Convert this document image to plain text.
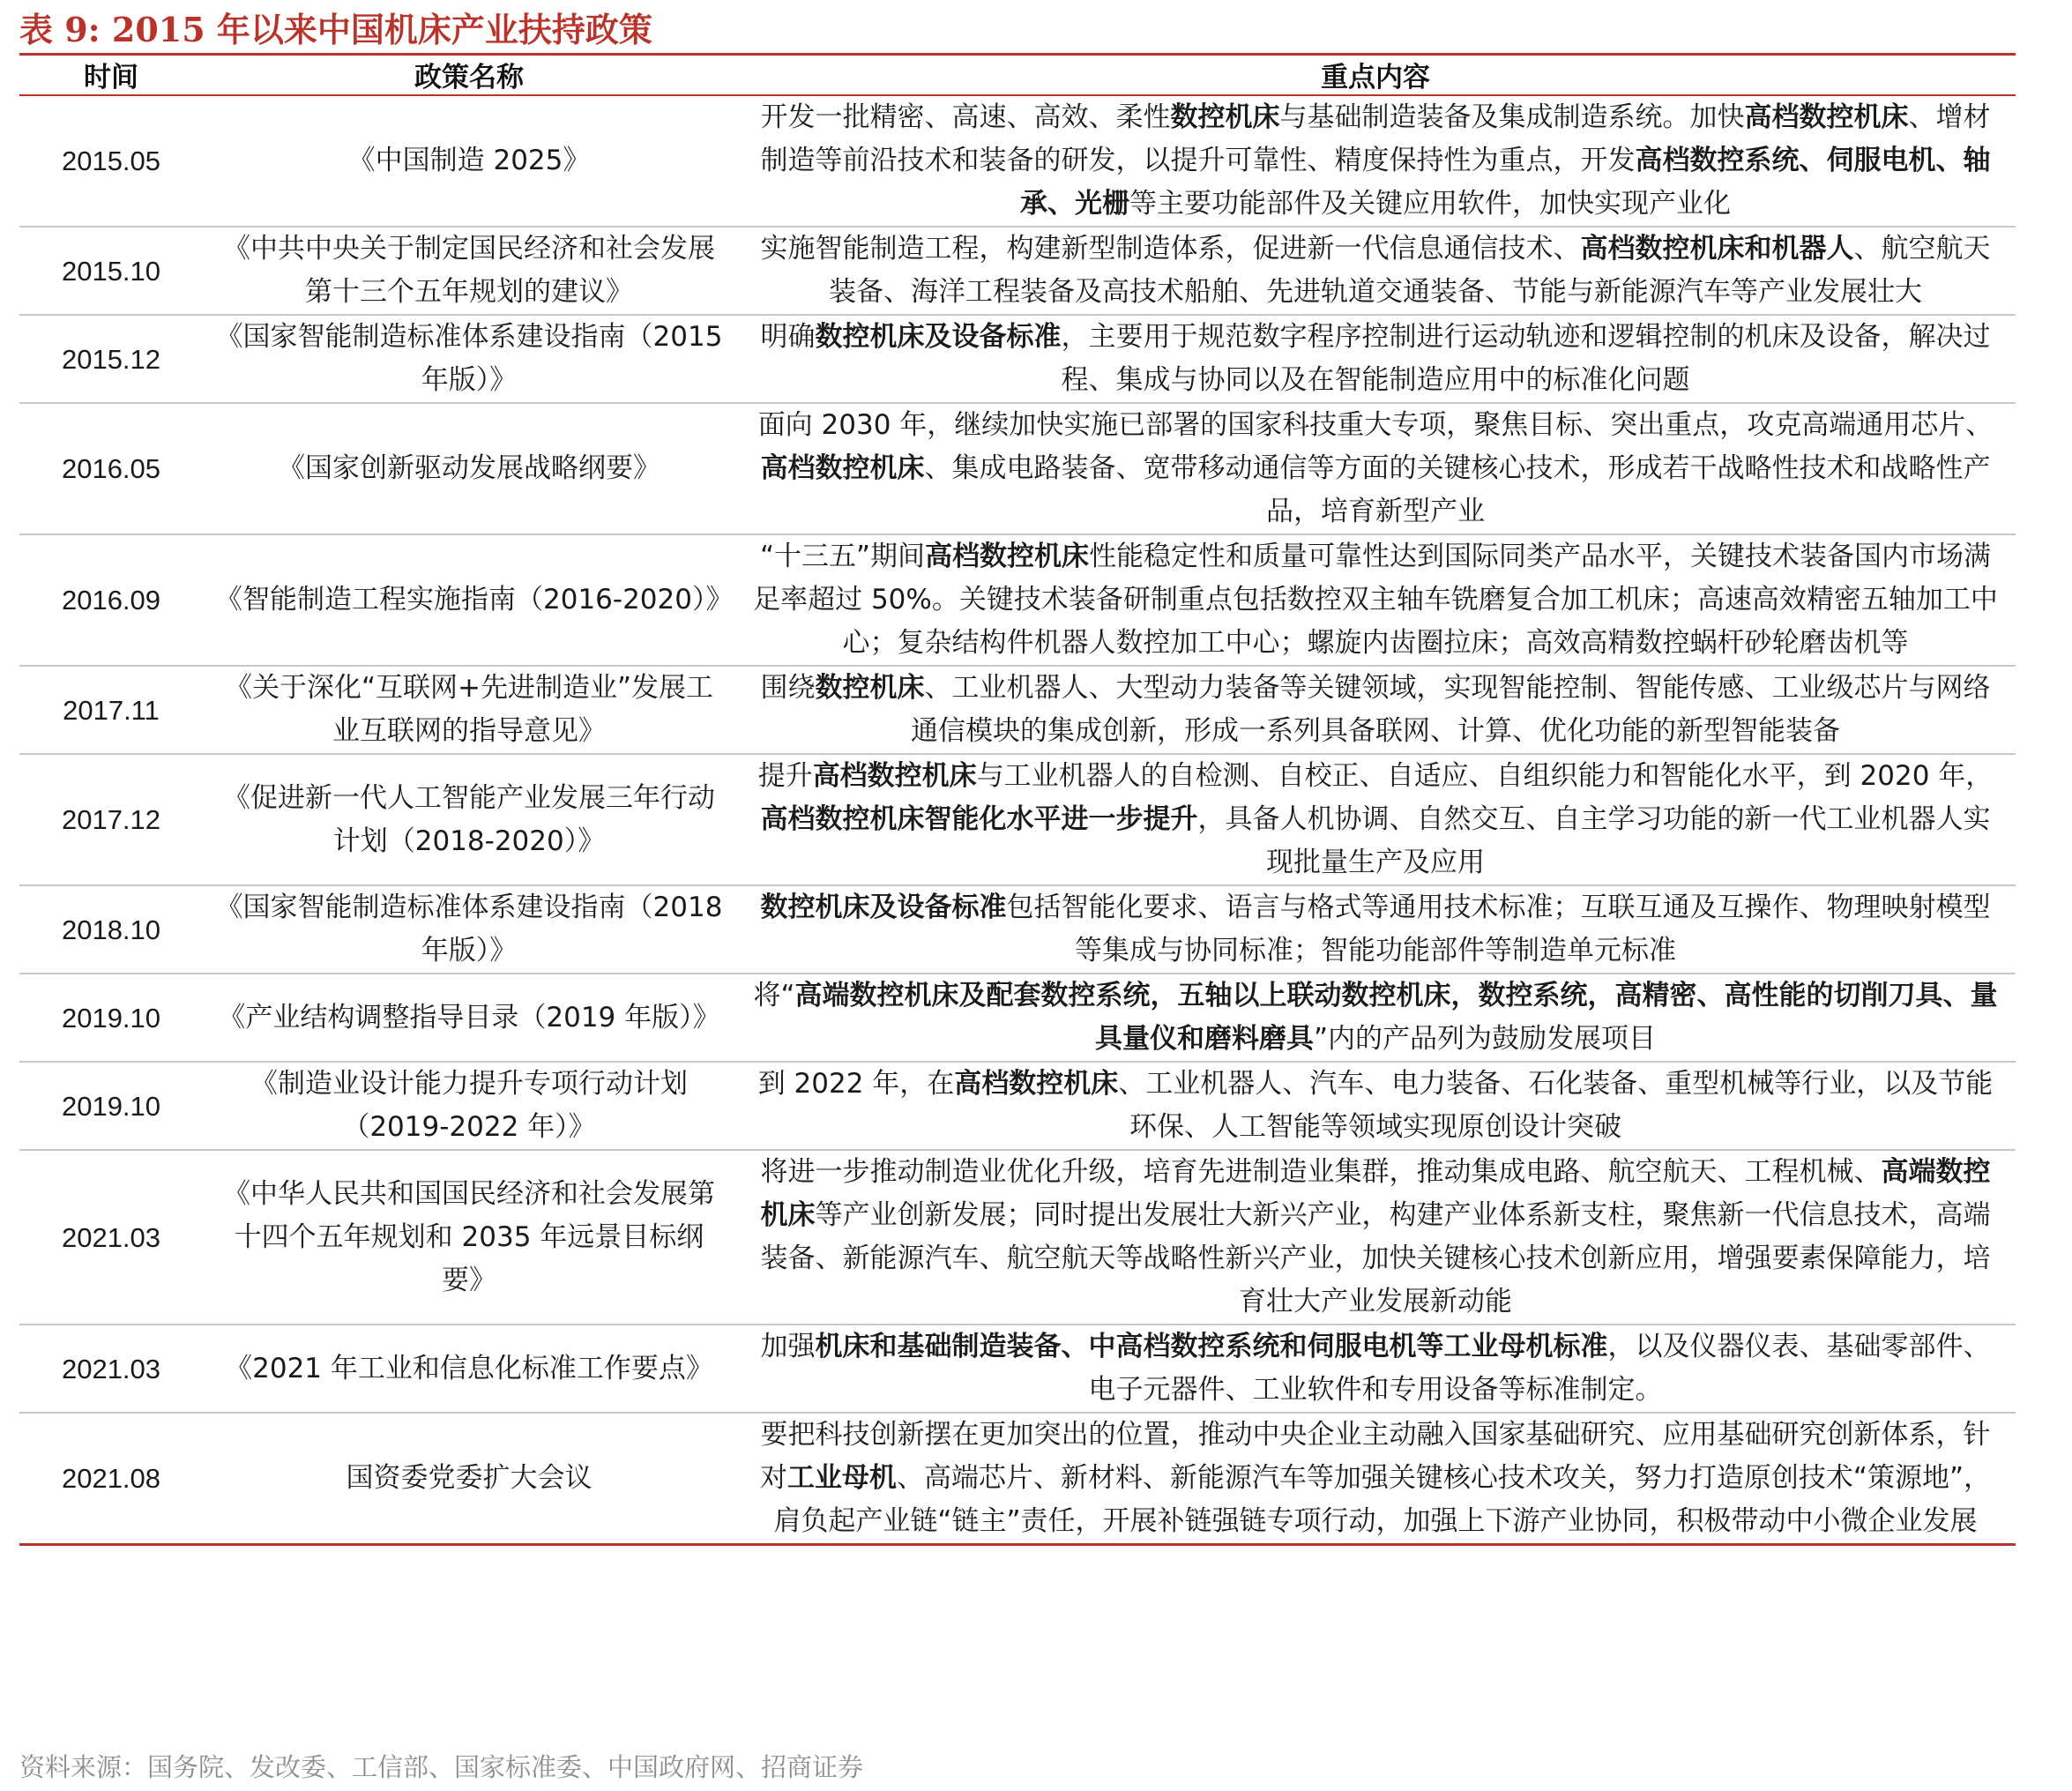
表 9: 2015 年以来中国机床产业扶持政策
时间	政策名称	重点内容
2015.05	《中国制造 2025》	开发一批精密、高速、高效、柔性数控机床与基础制造装备及集成制造系统。加快高档数控机床、增材制造等前沿技术和装备的研发，以提升可靠性、精度保持性为重点，开发高档数控系统、伺服电机、轴承、光栅等主要功能部件及关键应用软件，加快实现产业化
2015.10	《中共中央关于制定国民经济和社会发展第十三个五年规划的建议》	实施智能制造工程，构建新型制造体系，促进新一代信息通信技术、高档数控机床和机器人、航空航天装备、海洋工程装备及高技术船舶、先进轨道交通装备、节能与新能源汽车等产业发展壮大
2015.12	《国家智能制造标准体系建设指南（2015 年版）》	明确数控机床及设备标准，主要用于规范数字程序控制进行运动轨迹和逻辑控制的机床及设备，解决过程、集成与协同以及在智能制造应用中的标准化问题
2016.05	《国家创新驱动发展战略纲要》	面向 2030 年，继续加快实施已部署的国家科技重大专项，聚焦目标、突出重点，攻克高端通用芯片、高档数控机床、集成电路装备、宽带移动通信等方面的关键核心技术，形成若干战略性技术和战略性产品，培育新型产业
2016.09	《智能制造工程实施指南（2016-2020）》	“十三五”期间高档数控机床性能稳定性和质量可靠性达到国际同类产品水平，关键技术装备国内市场满足率超过 50%。关键技术装备研制重点包括数控双主轴车铣磨复合加工机床；高速高效精密五轴加工中心；复杂结构件机器人数控加工中心；螺旋内齿圈拉床；高效高精数控蜗杆砂轮磨齿机等
2017.11	《关于深化“互联网+先进制造业”发展工业互联网的指导意见》	围绕数控机床、工业机器人、大型动力装备等关键领域，实现智能控制、智能传感、工业级芯片与网络通信模块的集成创新，形成一系列具备联网、计算、优化功能的新型智能装备
2017.12	《促进新一代人工智能产业发展三年行动计划（2018-2020）》	提升高档数控机床与工业机器人的自检测、自校正、自适应、自组织能力和智能化水平，到 2020 年，高档数控机床智能化水平进一步提升，具备人机协调、自然交互、自主学习功能的新一代工业机器人实现批量生产及应用
2018.10	《国家智能制造标准体系建设指南（2018 年版）》	数控机床及设备标准包括智能化要求、语言与格式等通用技术标准；互联互通及互操作、物理映射模型等集成与协同标准；智能功能部件等制造单元标准
2019.10	《产业结构调整指导目录（2019 年版）》	将“高端数控机床及配套数控系统，五轴以上联动数控机床，数控系统，高精密、高性能的切削刀具、量具量仪和磨料磨具”内的产品列为鼓励发展项目
2019.10	《制造业设计能力提升专项行动计划（2019-2022 年）》	到 2022 年，在高档数控机床、工业机器人、汽车、电力装备、石化装备、重型机械等行业，以及节能环保、人工智能等领域实现原创设计突破
2021.03	《中华人民共和国国民经济和社会发展第十四个五年规划和 2035 年远景目标纲要》	将进一步推动制造业优化升级，培育先进制造业集群，推动集成电路、航空航天、工程机械、高端数控机床等产业创新发展；同时提出发展壮大新兴产业，构建产业体系新支柱，聚焦新一代信息技术，高端装备、新能源汽车、航空航天等战略性新兴产业，加快关键核心技术创新应用，增强要素保障能力，培育壮大产业发展新动能
2021.03	《2021 年工业和信息化标准工作要点》	加强机床和基础制造装备、中高档数控系统和伺服电机等工业母机标准，以及仪器仪表、基础零部件、电子元器件、工业软件和专用设备等标准制定。
2021.08	国资委党委扩大会议	要把科技创新摆在更加突出的位置，推动中央企业主动融入国家基础研究、应用基础研究创新体系，针对工业母机、高端芯片、新材料、新能源汽车等加强关键核心技术攻关，努力打造原创技术“策源地”，肩负起产业链“链主”责任，开展补链强链专项行动，加强上下游产业协同，积极带动中小微企业发展
资料来源：国务院、发改委、工信部、国家标准委、中国政府网、招商证券
